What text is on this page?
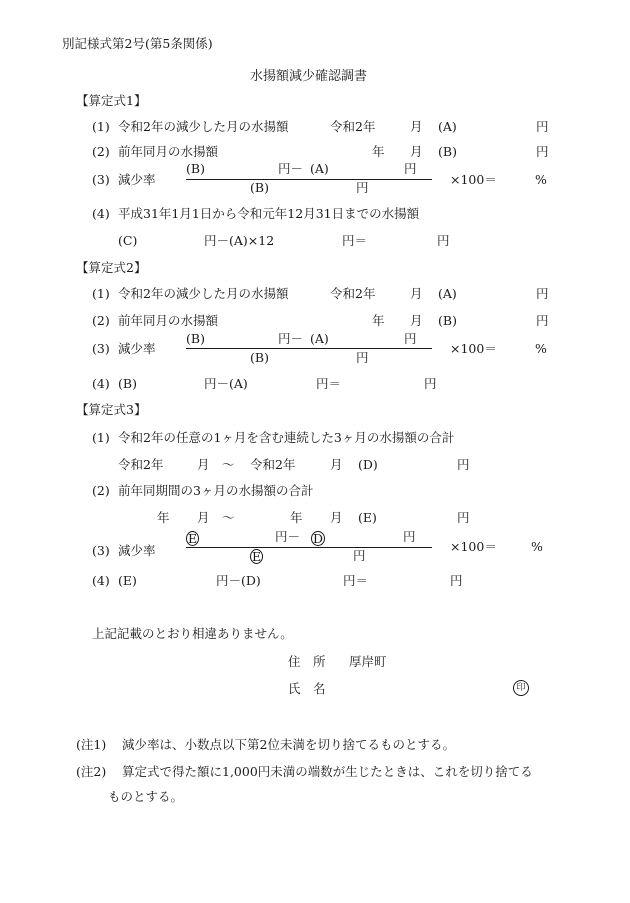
別記様式第2号(第5条関係)
水揚額減少確認調書
【算定式1】
(1) 令和2年の減少した月の水揚額	令和2年	月 (A)	円
(2) 前年同月の水揚額	年 月 (B)	円
(3) 減少率
(B)	円－ (A)	円
(B)	円
×100＝	%
(4) 平成31年1月1日から令和元年12月31日までの水揚額
(C)	円－(A)×12	円＝	円
【算定式2】
(1) 令和2年の減少した月の水揚額	令和2年	月 (A)	円
(2) 前年同月の水揚額	年 月 (B)	円
(3) 減少率
(B)	円－ (A)	円
(B)	円
×100＝	%
(4) (B)	円－(A)	円＝	円
【算定式3】
(1) 令和2年の任意の1ヶ月を含む連続した3ヶ月の水揚額の合計
令和2年	月 ～ 令和2年	月 (D)	円
(2) 前年同期間の3ヶ月の水揚額の合計
年 月 ～	年 月 (E)	円
(3) 減少率
E	円－ D	円
E	円
×100＝	%
(4) (E)	円－(D)	円＝	円
上記記載のとおり相違ありません。
住　所 厚岸町
氏　名	印
(注1) 減少率は、小数点以下第2位未満を切り捨てるものとする。
(注2) 算定式で得た額に1,000円未満の端数が生じたときは、これを切り捨てる
ものとする。
